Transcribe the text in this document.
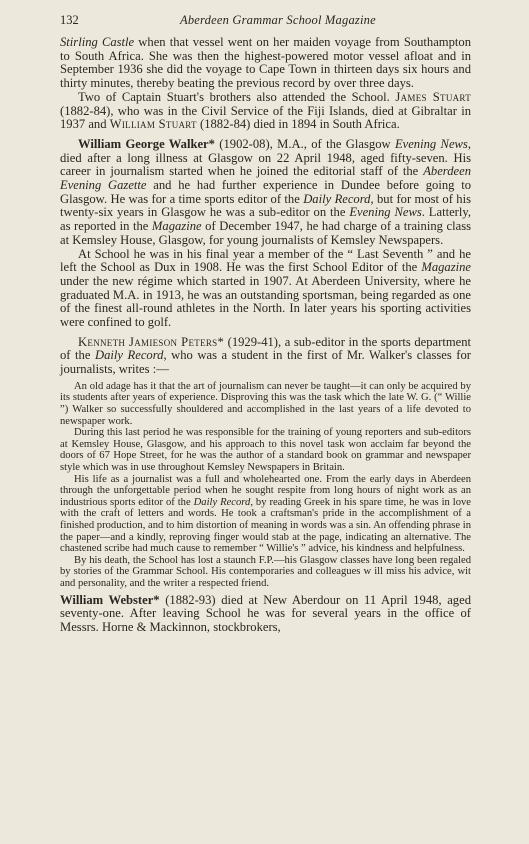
132	Aberdeen Grammar School Magazine

Stirling Castle when that vessel went on her maiden voyage from Southampton to South Africa. She was then the highest-powered motor vessel afloat and in September 1936 she did the voyage to Cape Town in thirteen days six hours and thirty minutes, thereby beating the previous record by over three days.

Two of Captain Stuart's brothers also attended the School. James Stuart (1882-84), who was in the Civil Service of the Fiji Islands, died at Gibraltar in 1937 and William Stuart (1882-84) died in 1894 in South Africa.

William George Walker* (1902-08), M.A., of the Glasgow Evening News, died after a long illness at Glasgow on 22 April 1948, aged fifty-seven. His career in journalism started when he joined the editorial staff of the Aberdeen Evening Gazette and he had further experience in Dundee before going to Glasgow. He was for a time sports editor of the Daily Record, but for most of his twenty-six years in Glasgow he was a sub-editor on the Evening News. Latterly, as reported in the Magazine of December 1947, he had charge of a training class at Kemsley House, Glasgow, for young journalists of Kemsley Newspapers.

At School he was in his final year a member of the “ Last Seventh ” and he left the School as Dux in 1908. He was the first School Editor of the Magazine under the new régime which started in 1907. At Aberdeen University, where he graduated M.A. in 1913, he was an outstanding sportsman, being regarded as one of the finest all-round athletes in the North. In later years his sporting activities were confined to golf.

Kenneth Jamieson Peters* (1929-41), a sub-editor in the sports department of the Daily Record, who was a student in the first of Mr. Walker's classes for journalists, writes :—

An old adage has it that the art of journalism can never be taught—it can only be acquired by its students after years of experience. Disproving this was the task which the late W. G. (“ Willie ”) Walker so successfully shouldered and accomplished in the last years of a life devoted to newspaper work.

During this last period he was responsible for the training of young reporters and sub-editors at Kemsley House, Glasgow, and his approach to this novel task won acclaim far beyond the doors of 67 Hope Street, for he was the author of a standard book on grammar and newspaper style which was in use throughout Kemsley Newspapers in Britain.

His life as a journalist was a full and wholehearted one. From the early days in Aberdeen through the unforgettable period when he sought respite from long hours of night work as an industrious sports editor of the Daily Record, by reading Greek in his spare time, he was in love with the craft of letters and words. He took a craftsman's pride in the accomplishment of a finished production, and to him distortion of meaning in words was a sin. An offending phrase in the paper—and a kindly, reproving finger would stab at the page, indicating an alternative. The chastened scribe had much cause to remember “ Willie's ” advice, his kindness and helpfulness.

By his death, the School has lost a staunch F.P.—his Glasgow classes have long been regaled by stories of the Grammar School. His contemporaries and colleagues w ill miss his advice, wit and personality, and the writer a respected friend.

William Webster* (1882-93) died at New Aberdour on 11 April 1948, aged seventy-one. After leaving School he was for several years in the office of Messrs. Horne & Mackinnon, stockbrokers,
